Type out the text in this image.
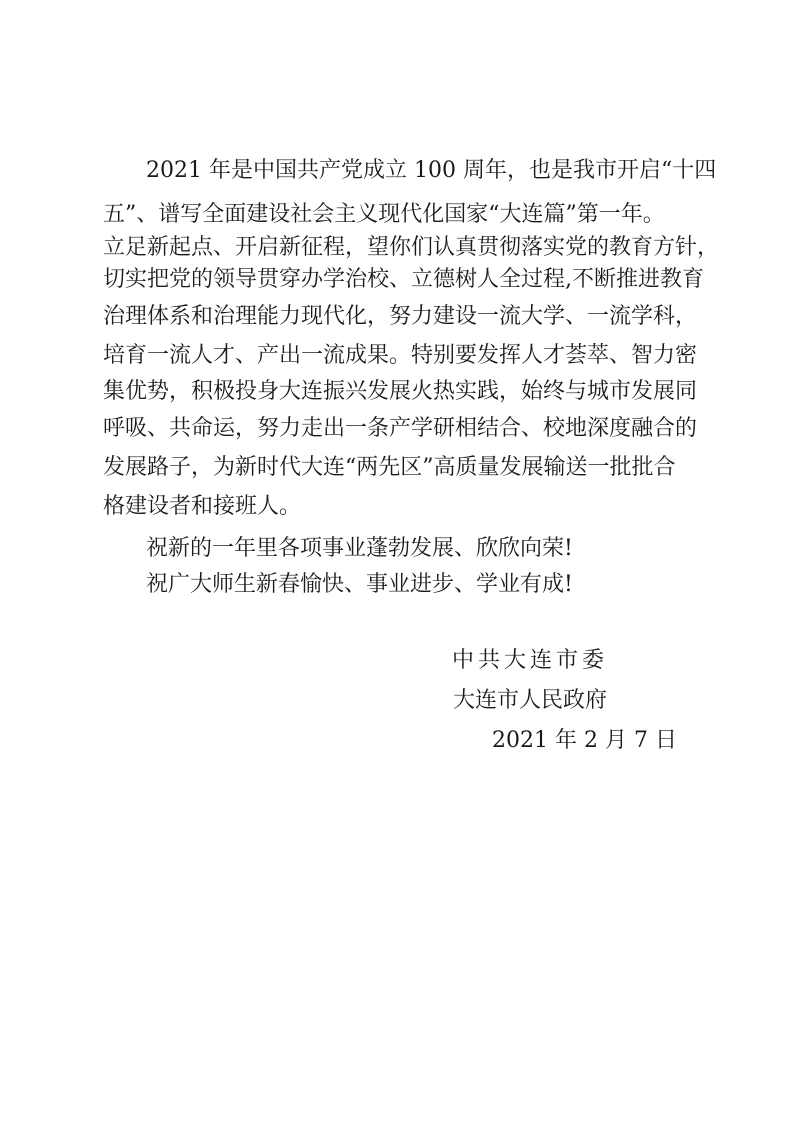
2021 年是中国共产党成立 100 周年，也是我市开启“十四
五”、谱写全面建设社会主义现代化国家“大连篇”第一年。
立足新起点、开启新征程，望你们认真贯彻落实党的教育方针，
切实把党的领导贯穿办学治校、立德树人全过程,不断推进教育
治理体系和治理能力现代化，努力建设一流大学、一流学科，
培育一流人才、产出一流成果。特别要发挥人才荟萃、智力密
集优势，积极投身大连振兴发展火热实践，始终与城市发展同
呼吸、共命运，努力走出一条产学研相结合、校地深度融合的
发展路子，为新时代大连“两先区”高质量发展输送一批批合
格建设者和接班人。
祝新的一年里各项事业蓬勃发展、欣欣向荣!
祝广大师生新春愉快、事业进步、学业有成!
中共大连市委
大连市人民政府
2021 年 2 月 7 日
